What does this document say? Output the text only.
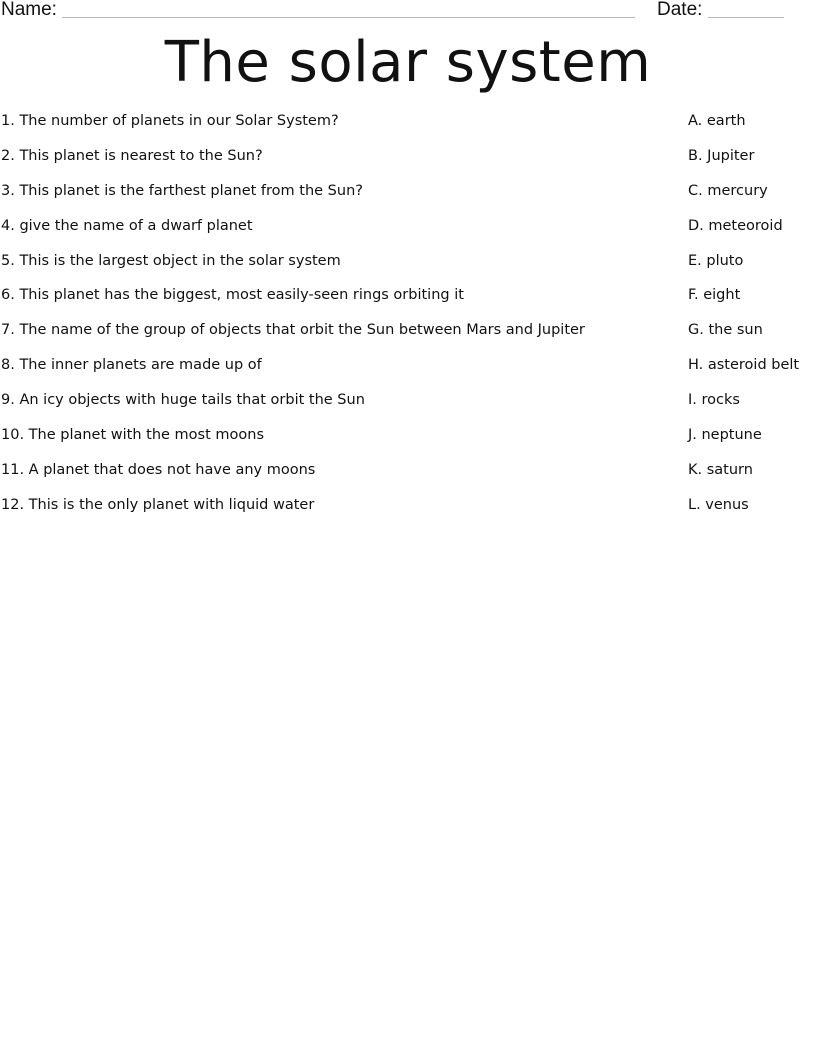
Name:	Date:
The solar system
1. The number of planets in our Solar System?
2. This planet is nearest to the Sun?
3. This planet is the farthest planet from the Sun?
4. give the name of a dwarf planet
5. This is the largest object in the solar system
6. This planet has the biggest, most easily-seen rings orbiting it
7. The name of the group of objects that orbit the Sun between Mars and Jupiter
8. The inner planets are made up of
9. An icy objects with huge tails that orbit the Sun
10. The planet with the most moons
11. A planet that does not have any moons
12. This is the only planet with liquid water
A. earth
B. Jupiter
C. mercury
D. meteoroid
E. pluto
F. eight
G. the sun
H. asteroid belt
I. rocks
J. neptune
K. saturn
L. venus
